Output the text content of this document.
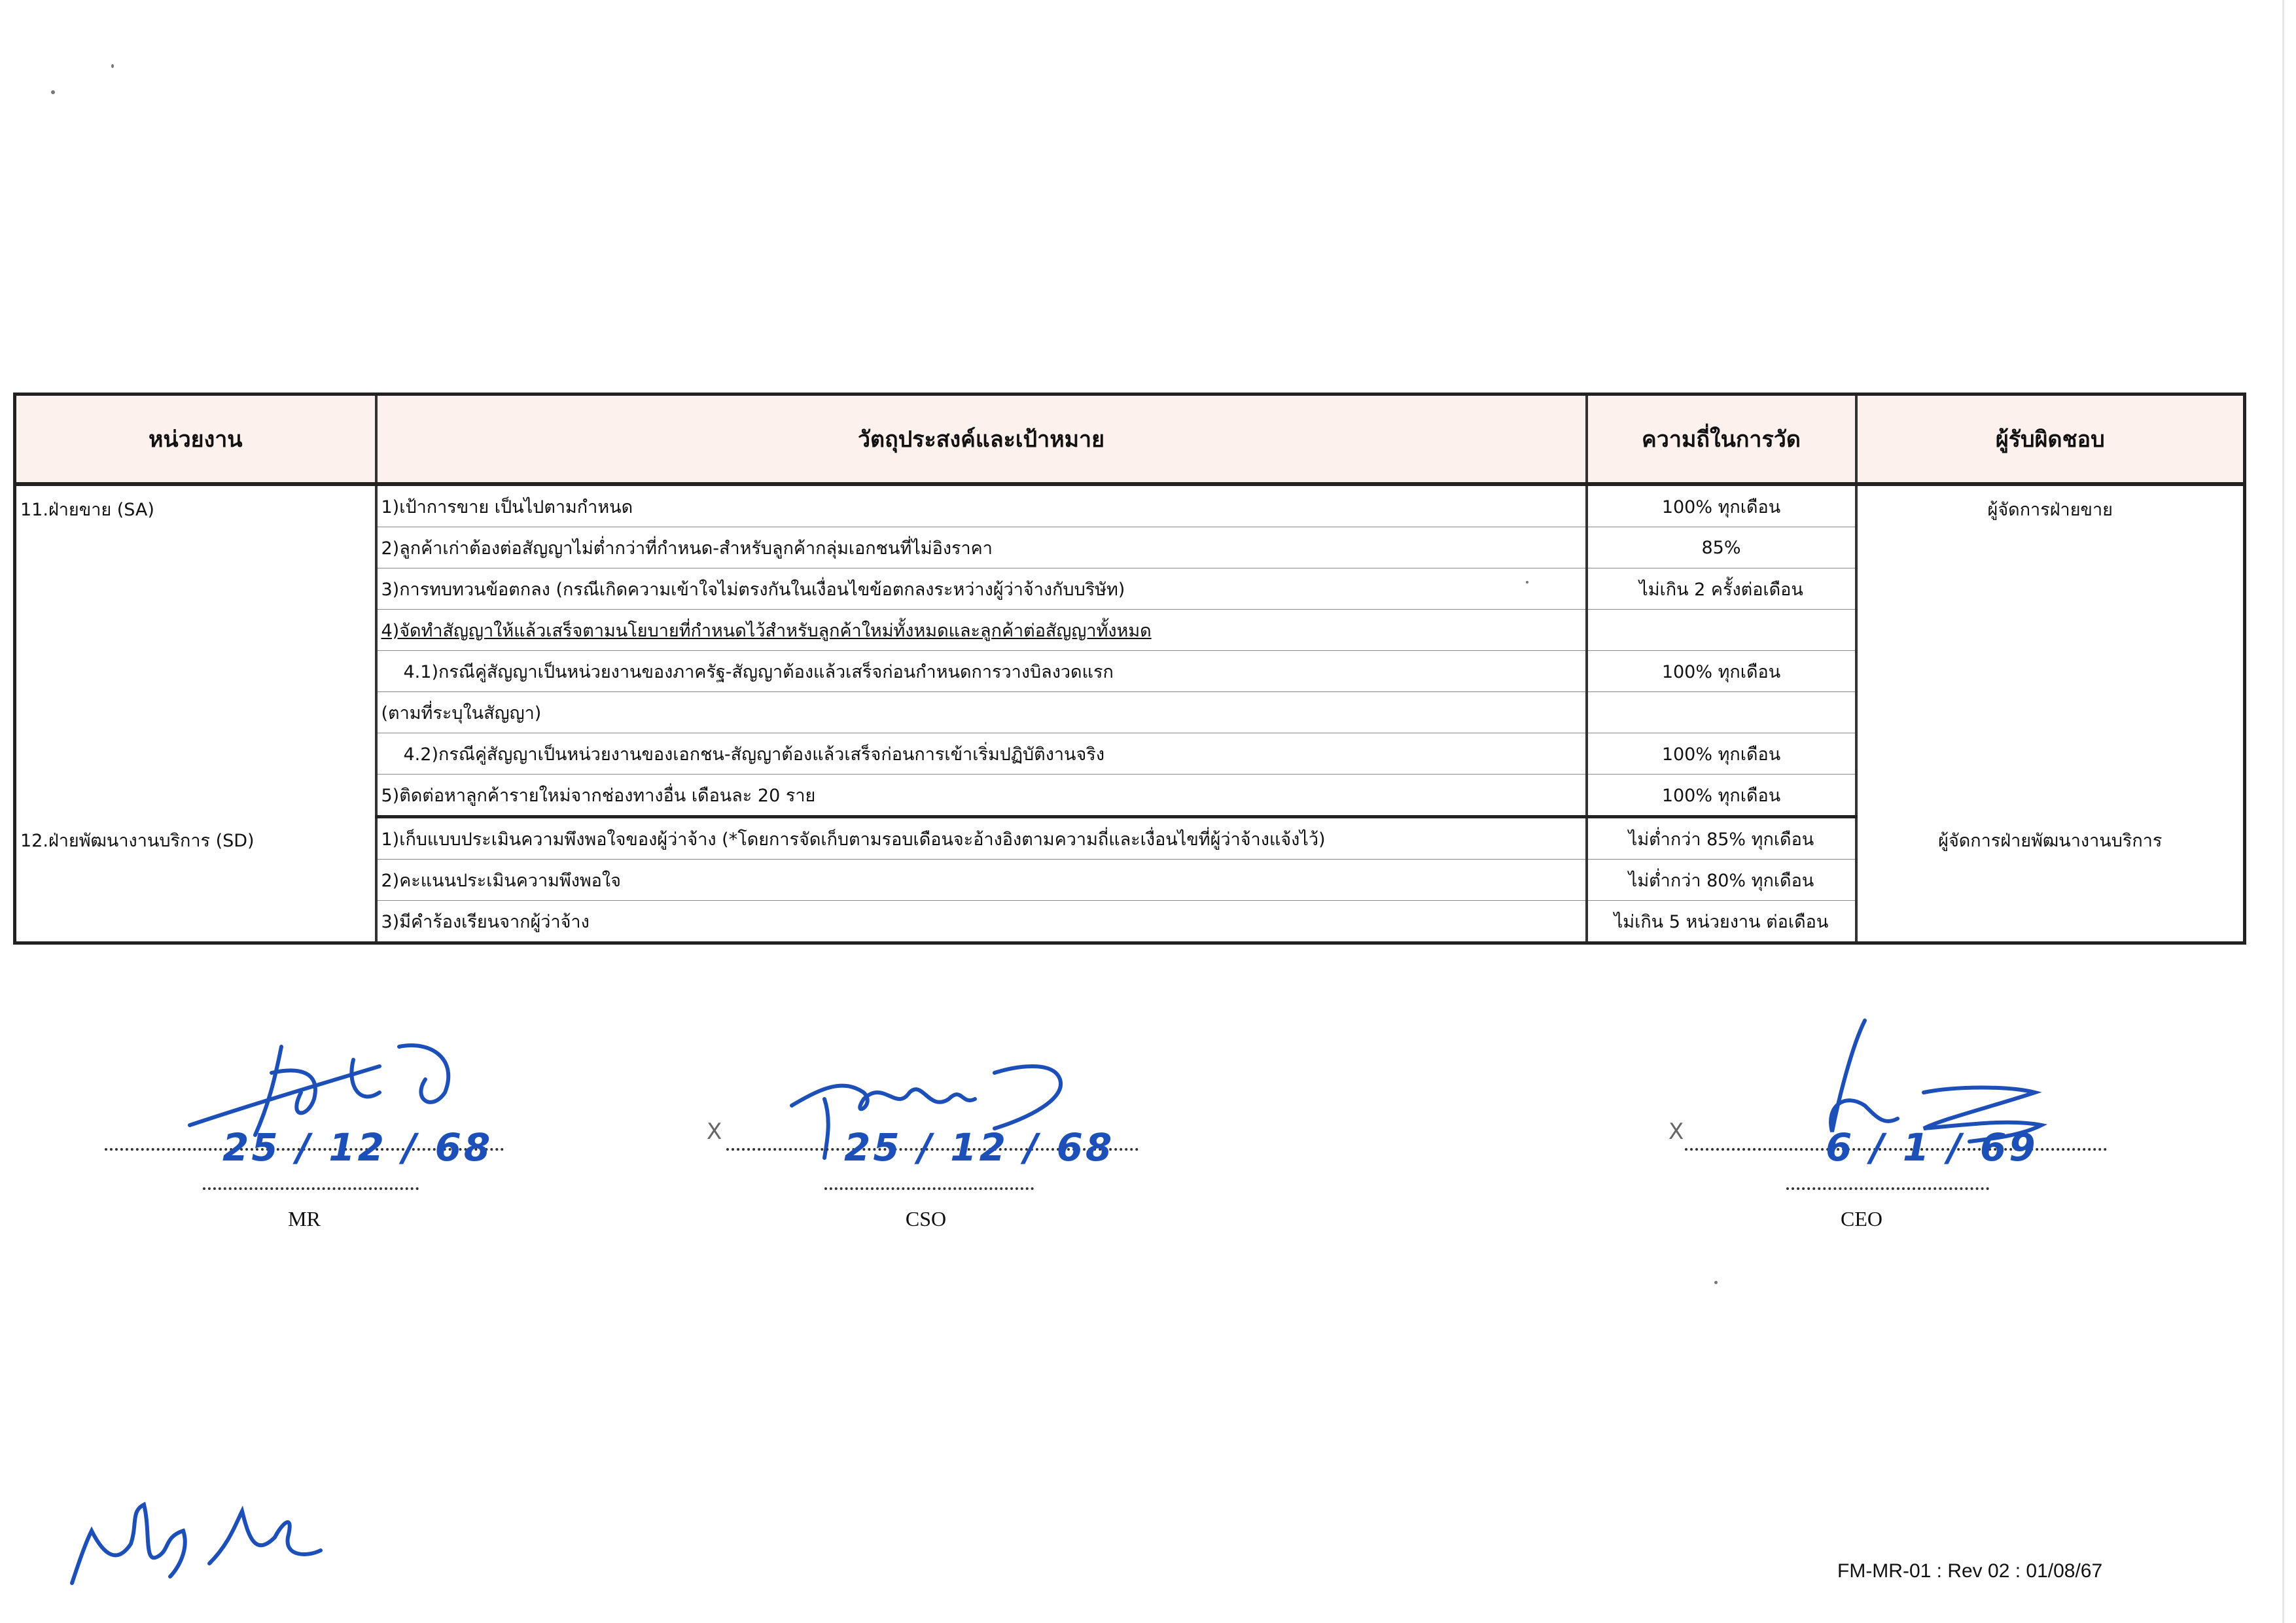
หน่วยงาน	วัตถุประสงค์และเป้าหมาย	ความถี่ในการวัด	ผู้รับผิดชอบ
11.ฝ่ายขาย (SA)	1)เป้าการขาย เป็นไปตามกำหนด	100% ทุกเดือน	ผู้จัดการฝ่ายขาย
	2)ลูกค้าเก่าต้องต่อสัญญาไม่ต่ำกว่าที่กำหนด-สำหรับลูกค้ากลุ่มเอกชนที่ไม่อิงราคา	85%	
	3)การทบทวนข้อตกลง (กรณีเกิดความเข้าใจไม่ตรงกันในเงื่อนไขข้อตกลงระหว่างผู้ว่าจ้างกับบริษัท)	ไม่เกิน 2 ครั้งต่อเดือน	
	4)จัดทำสัญญาให้แล้วเสร็จตามนโยบายที่กำหนดไว้สำหรับลูกค้าใหม่ทั้งหมดและลูกค้าต่อสัญญาทั้งหมด		
	4.1)กรณีคู่สัญญาเป็นหน่วยงานของภาครัฐ-สัญญาต้องแล้วเสร็จก่อนกำหนดการวางบิลงวดแรก	100% ทุกเดือน	
	(ตามที่ระบุในสัญญา)		
	4.2)กรณีคู่สัญญาเป็นหน่วยงานของเอกชน-สัญญาต้องแล้วเสร็จก่อนการเข้าเริ่มปฏิบัติงานจริง	100% ทุกเดือน	
	5)ติดต่อหาลูกค้ารายใหม่จากช่องทางอื่น เดือนละ 20 ราย	100% ทุกเดือน	
12.ฝ่ายพัฒนางานบริการ (SD)	1)เก็บแบบประเมินความพึงพอใจของผู้ว่าจ้าง (*โดยการจัดเก็บตามรอบเดือนจะอ้างอิงตามความถี่และเงื่อนไขที่ผู้ว่าจ้างแจ้งไว้)	ไม่ต่ำกว่า 85% ทุกเดือน	ผู้จัดการฝ่ายพัฒนางานบริการ
	2)คะแนนประเมินความพึงพอใจ	ไม่ต่ำกว่า 80% ทุกเดือน	
	3)มีคำร้องเรียนจากผู้ว่าจ้าง	ไม่เกิน 5 หน่วยงาน ต่อเดือน	
25 / 12 / 68
MR
X	25 / 12 / 68
CSO
X	6 / 1 / 69
CEO
FM-MR-01 : Rev 02 : 01/08/67
